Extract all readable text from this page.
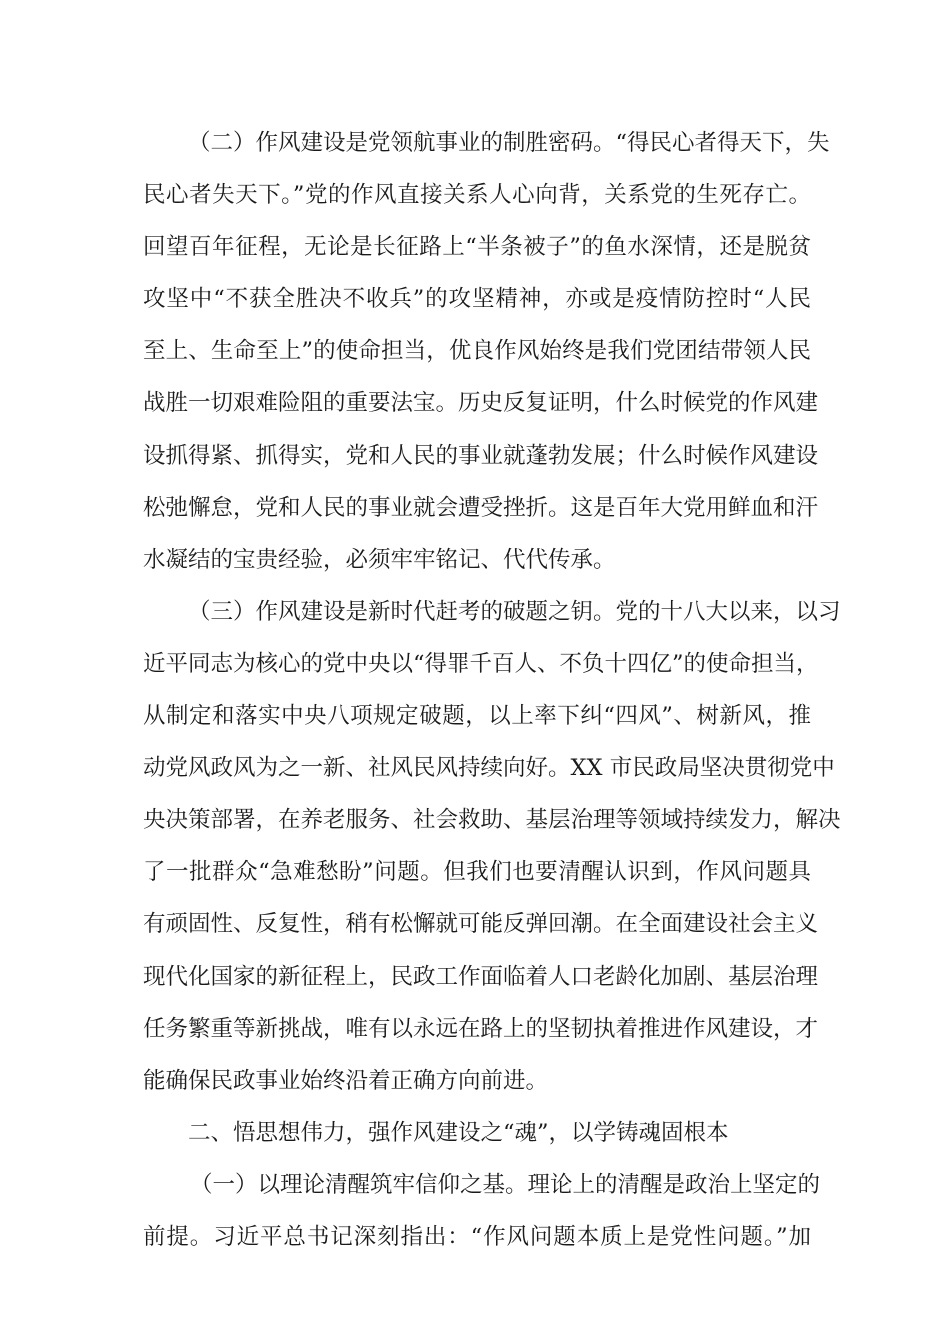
（二）作风建设是党领航事业的制胜密码。“得民心者得天下，失
民心者失天下。”党的作风直接关系人心向背，关系党的生死存亡。
回望百年征程，无论是长征路上“半条被子”的鱼水深情，还是脱贫
攻坚中“不获全胜决不收兵”的攻坚精神，亦或是疫情防控时“人民
至上、生命至上”的使命担当，优良作风始终是我们党团结带领人民
战胜一切艰难险阻的重要法宝。历史反复证明，什么时候党的作风建
设抓得紧、抓得实，党和人民的事业就蓬勃发展；什么时候作风建设
松弛懈怠，党和人民的事业就会遭受挫折。这是百年大党用鲜血和汗
水凝结的宝贵经验，必须牢牢铭记、代代传承。
（三）作风建设是新时代赶考的破题之钥。党的十八大以来，以习
近平同志为核心的党中央以“得罪千百人、不负十四亿”的使命担当，
从制定和落实中央八项规定破题，以上率下纠“四风”、树新风，推
动党风政风为之一新、社风民风持续向好。XX 市民政局坚决贯彻党中
央决策部署，在养老服务、社会救助、基层治理等领域持续发力，解决
了一批群众“急难愁盼”问题。但我们也要清醒认识到，作风问题具
有顽固性、反复性，稍有松懈就可能反弹回潮。在全面建设社会主义
现代化国家的新征程上，民政工作面临着人口老龄化加剧、基层治理
任务繁重等新挑战，唯有以永远在路上的坚韧执着推进作风建设，才
能确保民政事业始终沿着正确方向前进。
二、悟思想伟力，强作风建设之“魂”，以学铸魂固根本
（一）以理论清醒筑牢信仰之基。理论上的清醒是政治上坚定的
前提。习近平总书记深刻指出：“作风问题本质上是党性问题。”加
